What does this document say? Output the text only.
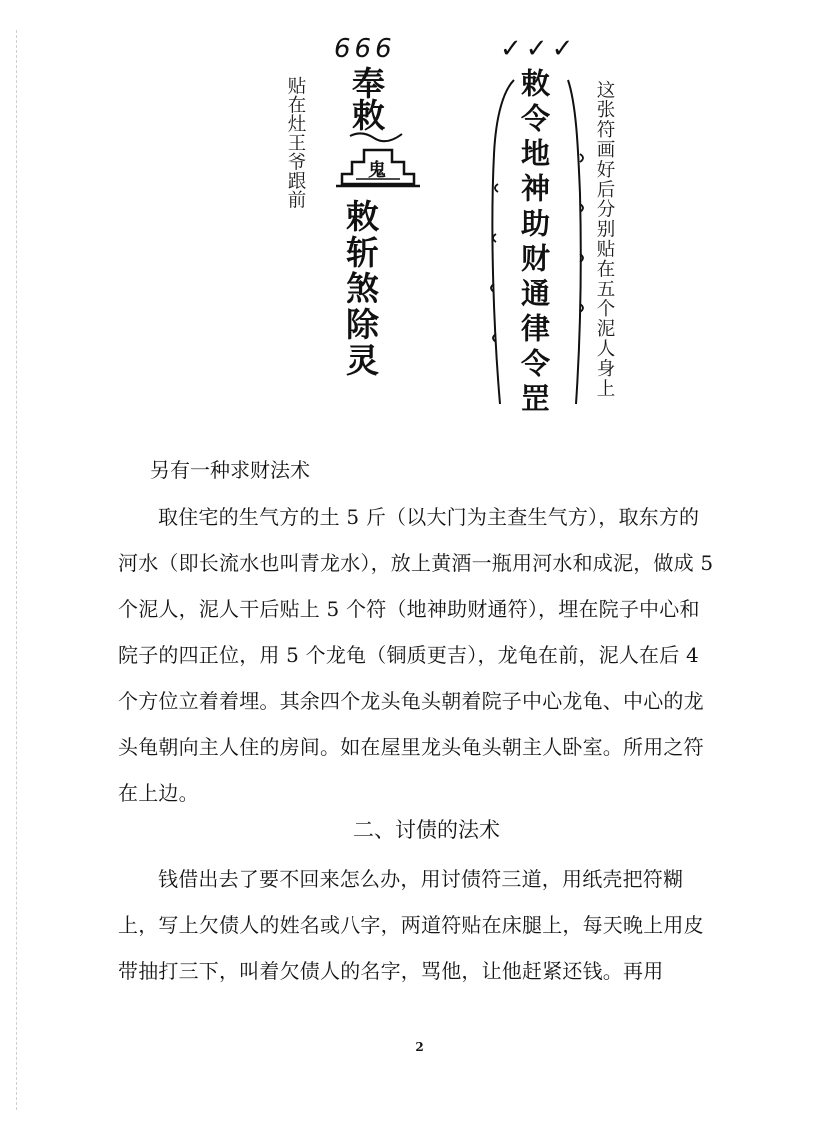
贴在灶王爷跟前	这张符画好后分别贴在五个泥人身上
666
奉敕
鬼
敕斩煞除灵
✓✓✓
敕令地神助财通律令罡
另有一种求财法术
取住宅的生气方的土 5 斤（以大门为主查生气方），取东方的河水（即长流水也叫青龙水），放上黄酒一瓶用河水和成泥，做成 5 个泥人，泥人干后贴上 5 个符（地神助财通符），埋在院子中心和院子的四正位，用 5 个龙龟（铜质更吉），龙龟在前，泥人在后 4 个方位立着着埋。其余四个龙头龟头朝着院子中心龙龟、中心的龙头龟朝向主人住的房间。如在屋里龙头龟头朝主人卧室。所用之符在上边。
二、讨债的法术
钱借出去了要不回来怎么办，用讨债符三道，用纸壳把符糊上，写上欠债人的姓名或八字，两道符贴在床腿上，每天晚上用皮带抽打三下，叫着欠债人的名字，骂他，让他赶紧还钱。再用
2
